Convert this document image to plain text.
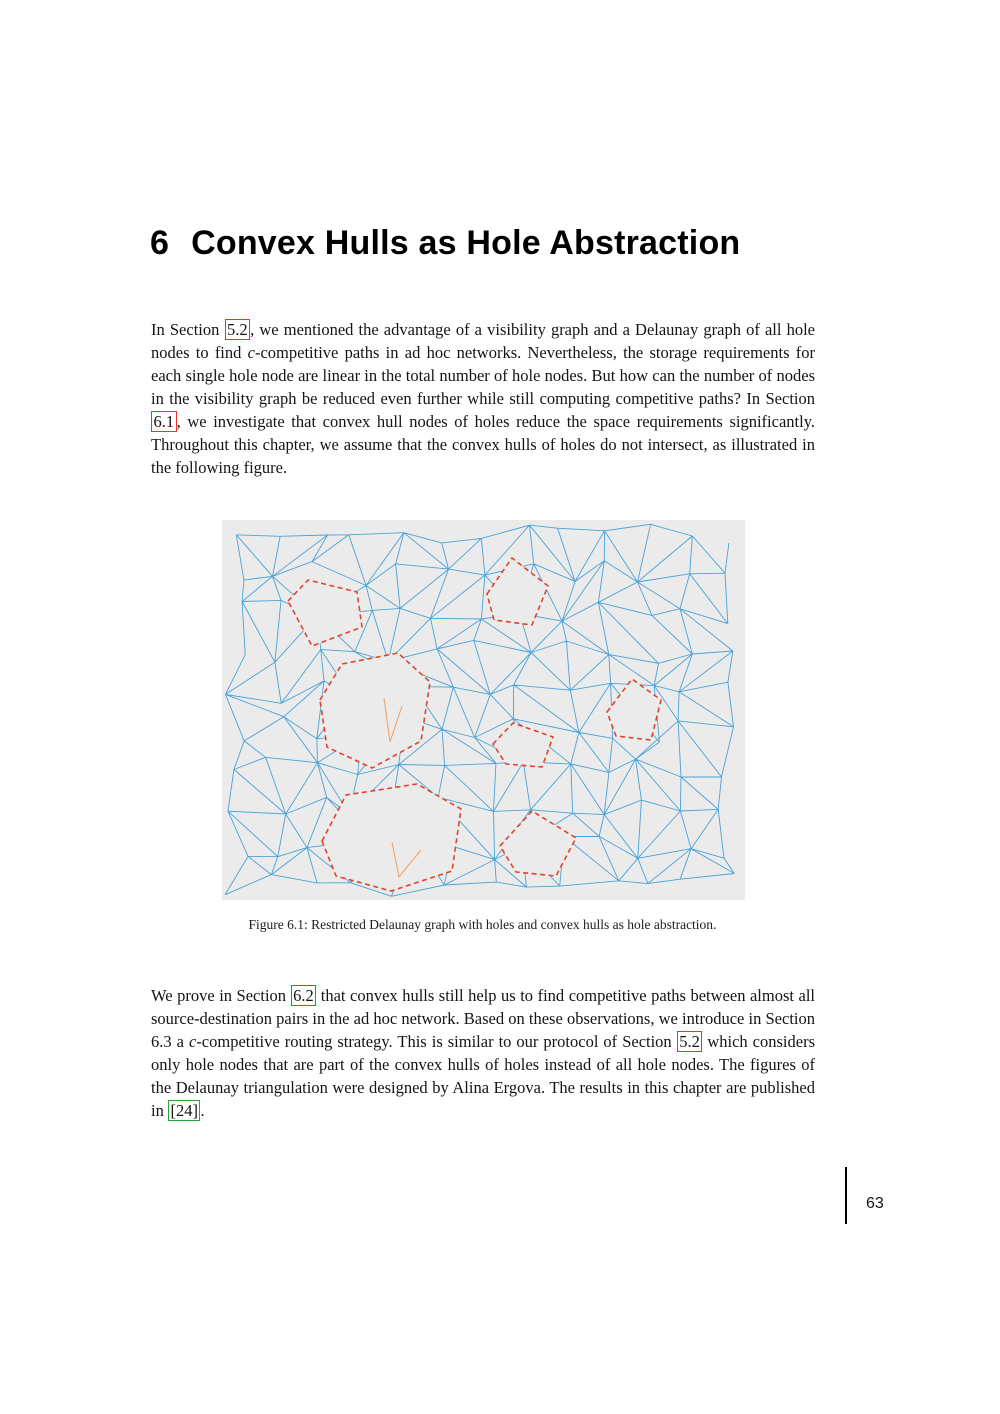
6 Convex Hulls as Hole Abstraction

In Section 5.2 , we mentioned the advantage of a visibility graph and a Delaunay graph of all hole nodes to find c-competitive paths in ad hoc networks. Nevertheless, the storage requirements for each single hole node are linear in the total number of hole nodes. But how can the number of nodes in the visibility graph be reduced even further while still computing competitive paths? In Section 6.1 , we investigate that convex hull nodes of holes reduce the space requirements significantly. Throughout this chapter, we assume that the convex hulls of holes do not intersect, as illustrated in the following figure.

Figure 6.1: Restricted Delaunay graph with holes and convex hulls as hole abstraction.

We prove in Section 6.2 that convex hulls still help us to find competitive paths between almost all source-destination pairs in the ad hoc network. Based on these observations, we introduce in Section 6.3 a c-competitive routing strategy. This is similar to our protocol of Section 5.2 which considers only hole nodes that are part of the convex hulls of holes instead of all hole nodes. The figures of the Delaunay triangulation were designed by Alina Ergova. The results in this chapter are published in [24] .

63
